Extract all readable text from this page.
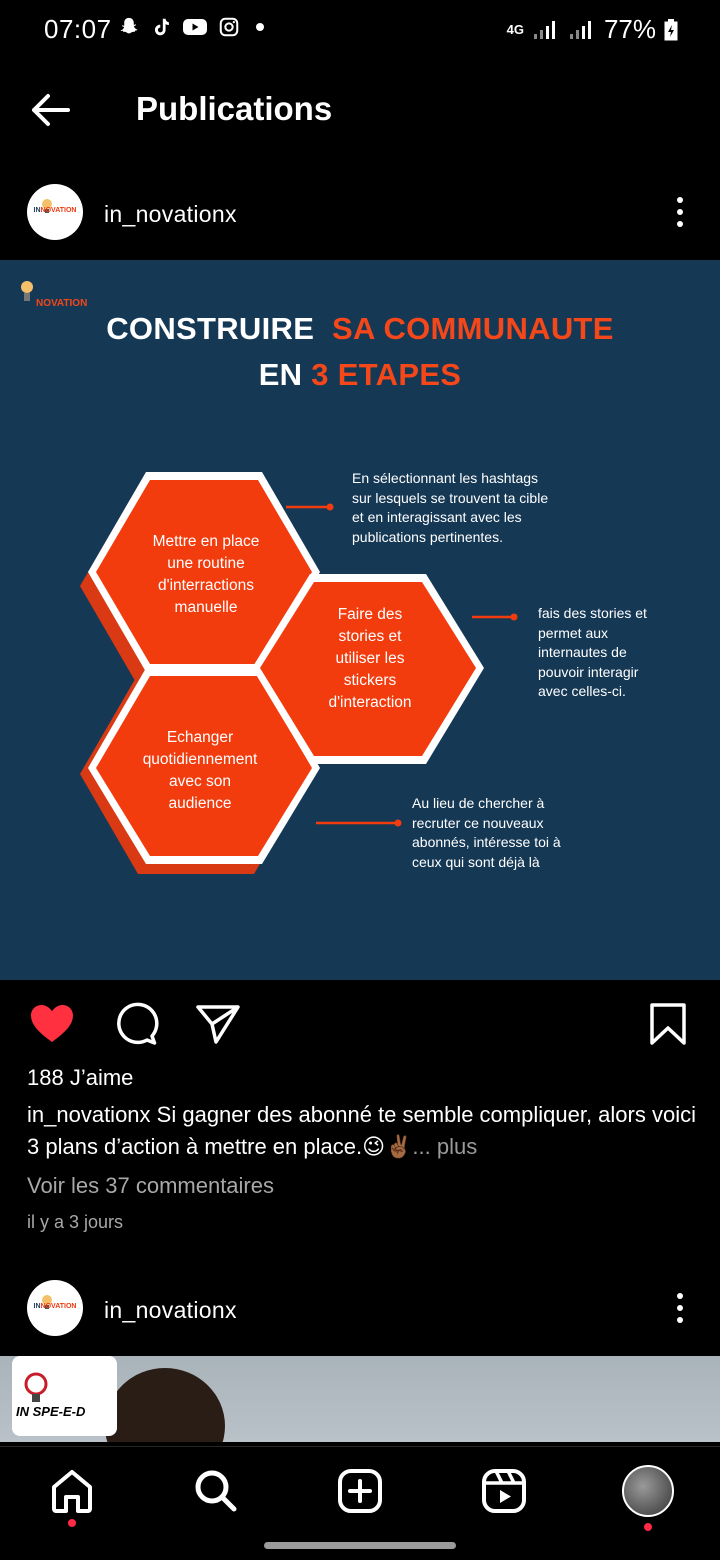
07:07	4G	77%
Publications
INNOVATION in_novationx
NOVATION
CONSTRUIRE SA COMMUNAUTE
EN 3 ETAPES
Mettre en place
une routine
d'interractions
manuelle	Faire des
stories et
utiliser les
stickers
d'interaction
Echanger
quotidiennement
avec son
audience
En sélectionnant les hashtags
sur lesquels se trouvent ta cible
et en interagissant avec les
publications pertinentes.
fais des stories et
permet aux
internautes de
pouvoir interagir
avec celles-ci.
Au lieu de chercher à
recruter ce nouveaux
abonnés, intéresse toi à
ceux qui sont déjà là
188 J’aime
in_novationx Si gagner des abonné te semble compliquer, alors voici 3 plans d’action à mettre en place.😉✌🏾... plus
Voir les 37 commentaires
il y a 3 jours
INNOVATION in_novationx
IN SPE-E-D
